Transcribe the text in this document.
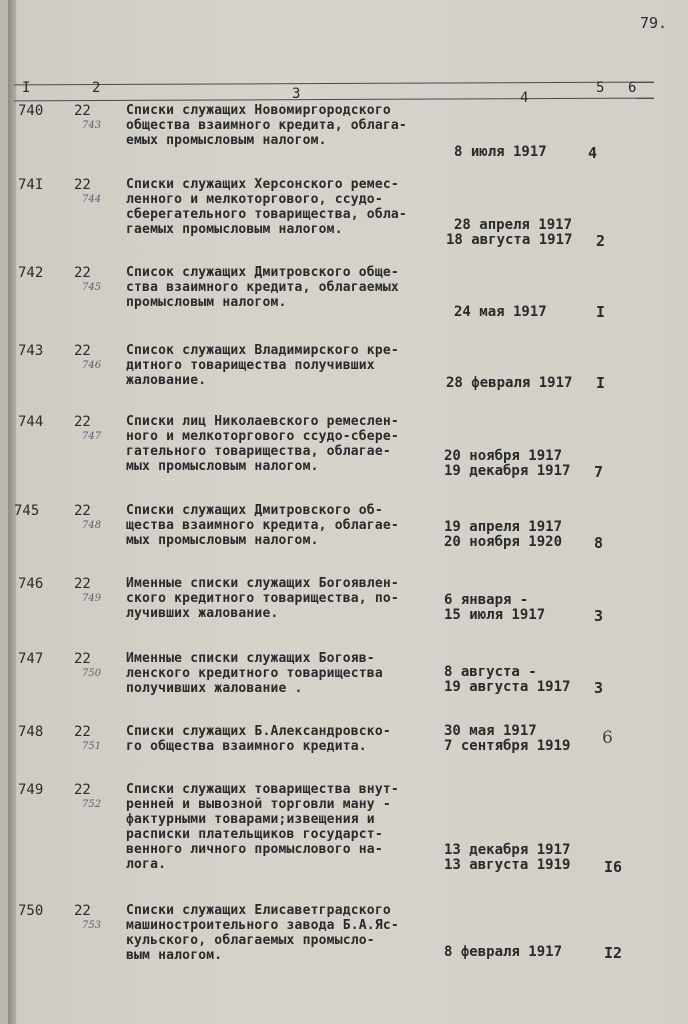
79.
I	2	3	4
5 6
740 22
743
Списки служащих Новомиргородского
общества взаимного кредита, облага-
емых промысловым налогом.
8 июля 1917	4
74I 22
744
Списки служащих Херсонского ремес-
ленного и мелкоторгового, ссудо-
сберегательного товарищества, обла-
гаемых промысловым налогом.	28 апреля 1917
18 августа 1917 2
742 22
745
Список служащих Дмитровского обще-
ства взаимного кредита, облагаемых
промысловым налогом.
24 мая 1917	I
743 22
746
Список служащих Владимирского кре-
дитного товарищества получивших
жалование.	28 февраля 1917 I
744 22
747
Списки лиц Николаевского ремеслен-
ного и мелкоторгового ссудо-сбере-
гательного товарищества, облагае-
мых промысловым налогом.
20 ноября 1917
19 декабря 1917 7
745 22
748
Списки служащих Дмитровского об-
щества взаимного кредита, облагае-
мых промысловым налогом.
19 апреля 1917
20 ноября 1920 8
746 22
749
Именные списки служащих Богоявлен-
ского кредитного товарищества, по-
лучивших жалование.
6 января -
15 июля 1917	3
747 22
750
Именные списки служащих Богояв-
ленского кредитного товарищества
получивших жалование .
8 августа -
19 августа 1917 3
748 22
751
Списки служащих Б.Александровско-
го общества взаимного кредита.
30 мая 1917
7 сентября 1919 6
749 22
752
Списки служащих товарищества внут-
ренней и вывозной торговли ману -
фактурными товарами;извещения и
расписки плательщиков государст-
венного личного промыслового на-
лога.
13 декабря 1917
13 августа 1919 I6
750 22
753
Списки служащих Елисаветградского
машиностроительного завода Б.А.Яс-
кульского, облагаемых промысло-
вым налогом.	8 февраля 1917	I2
